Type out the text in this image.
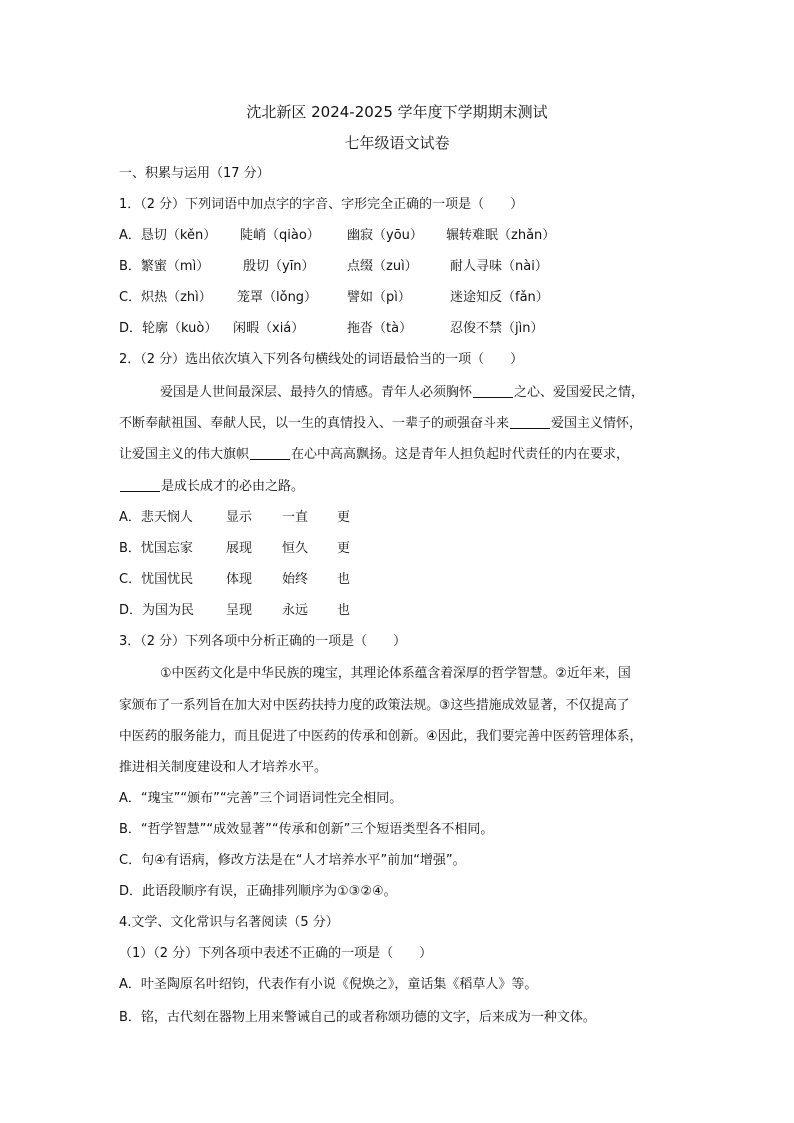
沈北新区 2024-2025 学年度下学期期末测试
七年级语文试卷
一、积累与运用（17 分）
1．（2 分）下列词语中加点字的字音、字形完全正确的一项是（　　）
A．恳切（kěn） 陡峭（qiào） 幽寂（yōu） 辗转难眠（zhǎn）
B．繁蜜（mì）	殷切（yīn） 点缀（zuì） 耐人寻味（nài）
C．炽热（zhì） 笼罩（lǒng） 譬如（pì）	迷途知反（fǎn）
D．轮廓（kuò） 闲暇（xiá）	拖沓（tà）	忍俊不禁（jìn）
2．（2 分）选出依次填入下列各句横线处的词语最恰当的一项（　　）
爱国是人世间最深层、最持久的情感。青年人必须胸怀	之心、爱国爱民之情，
不断奉献祖国、奉献人民，以一生的真情投入、一辈子的顽强奋斗来	爱国主义情怀，
让爱国主义的伟大旗帜	在心中高高飘扬。这是青年人担负起时代责任的内在要求，
是成长成才的必由之路。
A．悲天悯人	显示 一直 更
B．忧国忘家	展现 恒久 更
C．忧国忧民	体现 始终 也
D．为国为民 呈现 永远 也
3．（2 分）下列各项中分析正确的一项是（　　）
①中医药文化是中华民族的瑰宝，其理论体系蕴含着深厚的哲学智慧。②近年来，国
家颁布了一系列旨在加大对中医药扶持力度的政策法规。③这些措施成效显著，不仅提高了
中医药的服务能力，而且促进了中医药的传承和创新。④因此，我们要完善中医药管理体系，
推进相关制度建设和人才培养水平。
A．“瑰宝”“颁布”“完善”三个词语词性完全相同。
B．“哲学智慧”“成效显著”“传承和创新”三个短语类型各不相同。
C．句④有语病，修改方法是在“人才培养水平”前加“增强”。
D．此语段顺序有误，正确排列顺序为①③②④。
4.文学、文化常识与名著阅读（5 分）
（1）（2 分）下列各项中表述不正确的一项是（　　）
A．叶圣陶原名叶绍钧，代表作有小说《倪焕之》，童话集《稻草人》等。
B．铭，古代刻在器物上用来警诫自己的或者称颂功德的文字，后来成为一种文体。
